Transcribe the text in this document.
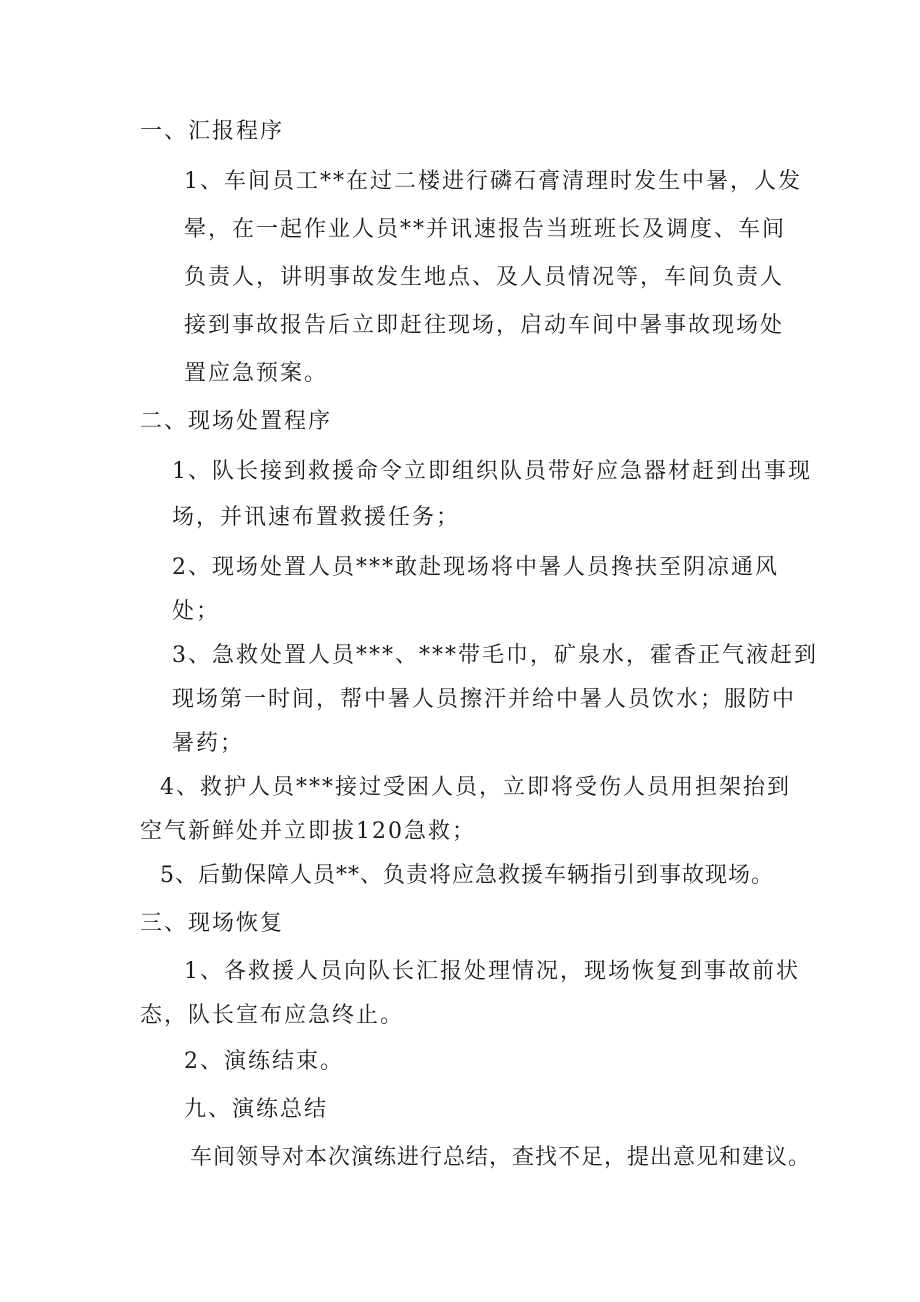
一、汇报程序
1、车间员工**在过二楼进行磷石膏清理时发生中暑，人发
晕，在一起作业人员**并讯速报告当班班长及调度、车间
负责人，讲明事故发生地点、及人员情况等，车间负责人
接到事故报告后立即赶往现场，启动车间中暑事故现场处
置应急预案。
二、现场处置程序
1、队长接到救援命令立即组织队员带好应急器材赶到出事现
场，并讯速布置救援任务；
2、现场处置人员***敢赴现场将中暑人员搀扶至阴凉通风
处；
3、急救处置人员***、***带毛巾，矿泉水，霍香正气液赶到
现场第一时间，帮中暑人员擦汗并给中暑人员饮水；服防中
暑药；
4、救护人员***接过受困人员，立即将受伤人员用担架抬到
空气新鲜处并立即拔120急救；
5、后勤保障人员**、负责将应急救援车辆指引到事故现场。
三、现场恢复
1、各救援人员向队长汇报处理情况，现场恢复到事故前状
态，队长宣布应急终止。
2、演练结束。
九、演练总结
车间领导对本次演练进行总结，查找不足，提出意见和建议。
